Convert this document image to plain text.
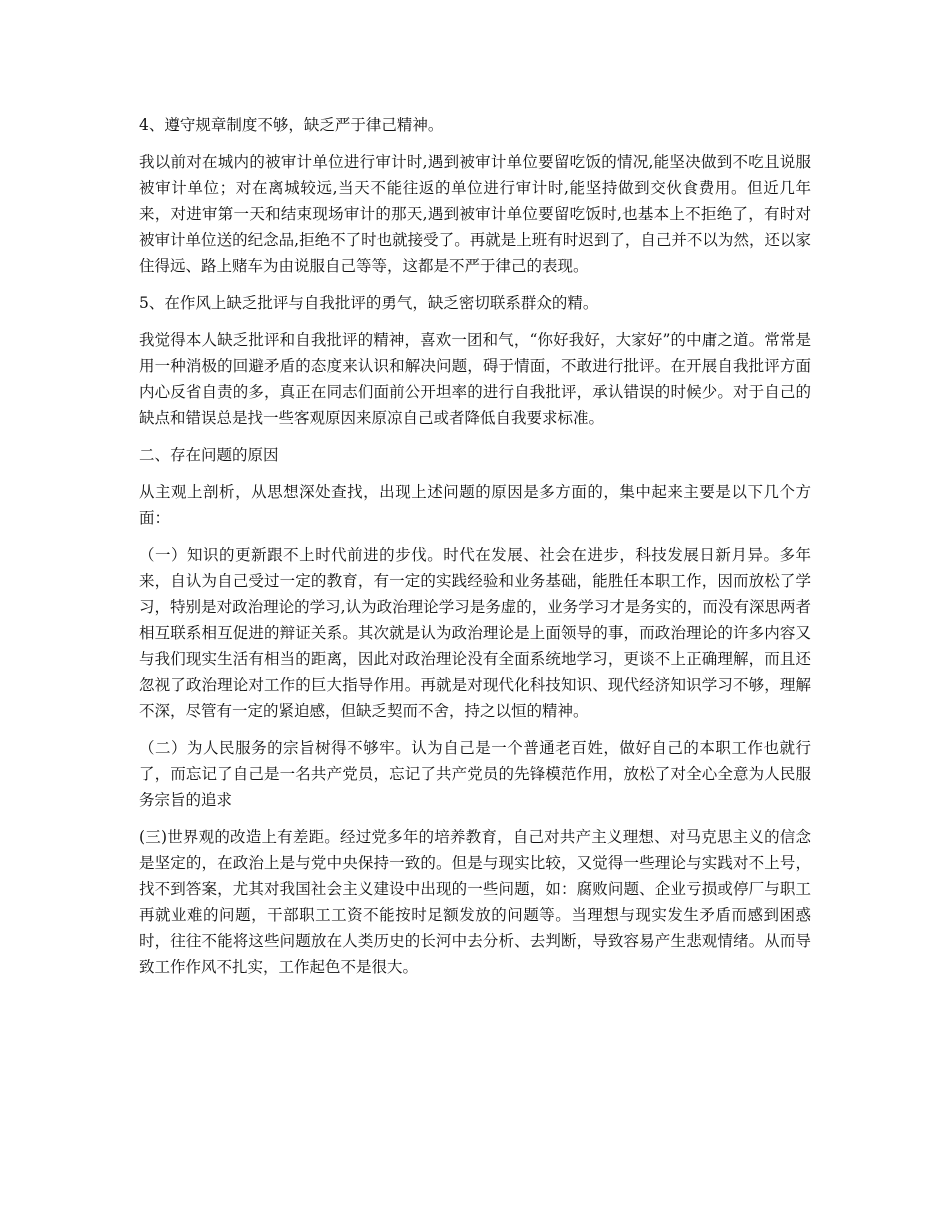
4、遵守规章制度不够，缺乏严于律己精神。

我以前对在城内的被审计单位进行审计时,遇到被审计单位要留吃饭的情况,能坚决做到不吃且说服被审计单位；对在离城较远,当天不能往返的单位进行审计时,能坚持做到交伙食费用。但近几年来，对进审第一天和结束现场审计的那天,遇到被审计单位要留吃饭时,也基本上不拒绝了，有时对被审计单位送的纪念品,拒绝不了时也就接受了。再就是上班有时迟到了，自己并不以为然，还以家住得远、路上赌车为由说服自己等等，这都是不严于律己的表现。

5、在作风上缺乏批评与自我批评的勇气，缺乏密切联系群众的精。

我觉得本人缺乏批评和自我批评的精神，喜欢一团和气，“你好我好，大家好”的中庸之道。常常是用一种消极的回避矛盾的态度来认识和解决问题，碍于情面，不敢进行批评。在开展自我批评方面内心反省自责的多，真正在同志们面前公开坦率的进行自我批评，承认错误的时候少。对于自己的缺点和错误总是找一些客观原因来原凉自己或者降低自我要求标准。

二、存在问题的原因

从主观上剖析，从思想深处查找，出现上述问题的原因是多方面的，集中起来主要是以下几个方面：

（一）知识的更新跟不上时代前进的步伐。时代在发展、社会在进步，科技发展日新月异。多年来，自认为自己受过一定的教育，有一定的实践经验和业务基础，能胜任本职工作，因而放松了学习，特别是对政治理论的学习,认为政治理论学习是务虚的，业务学习才是务实的，而没有深思两者相互联系相互促进的辩证关系。其次就是认为政治理论是上面领导的事，而政治理论的许多内容又与我们现实生活有相当的距离，因此对政治理论没有全面系统地学习，更谈不上正确理解，而且还忽视了政治理论对工作的巨大指导作用。再就是对现代化科技知识、现代经济知识学习不够，理解不深，尽管有一定的紧迫感，但缺乏契而不舍，持之以恒的精神。

（二）为人民服务的宗旨树得不够牢。认为自己是一个普通老百姓，做好自己的本职工作也就行了，而忘记了自己是一名共产党员，忘记了共产党员的先锋模范作用，放松了对全心全意为人民服务宗旨的追求

(三)世界观的改造上有差距。经过党多年的培养教育，自己对共产主义理想、对马克思主义的信念是坚定的，在政治上是与党中央保持一致的。但是与现实比较，又觉得一些理论与实践对不上号，找不到答案，尤其对我国社会主义建设中出现的一些问题，如：腐败问题、企业亏损或停厂与职工再就业难的问题，干部职工工资不能按时足额发放的问题等。当理想与现实发生矛盾而感到困惑时，往往不能将这些问题放在人类历史的长河中去分析、去判断，导致容易产生悲观情绪。从而导致工作作风不扎实，工作起色不是很大。
